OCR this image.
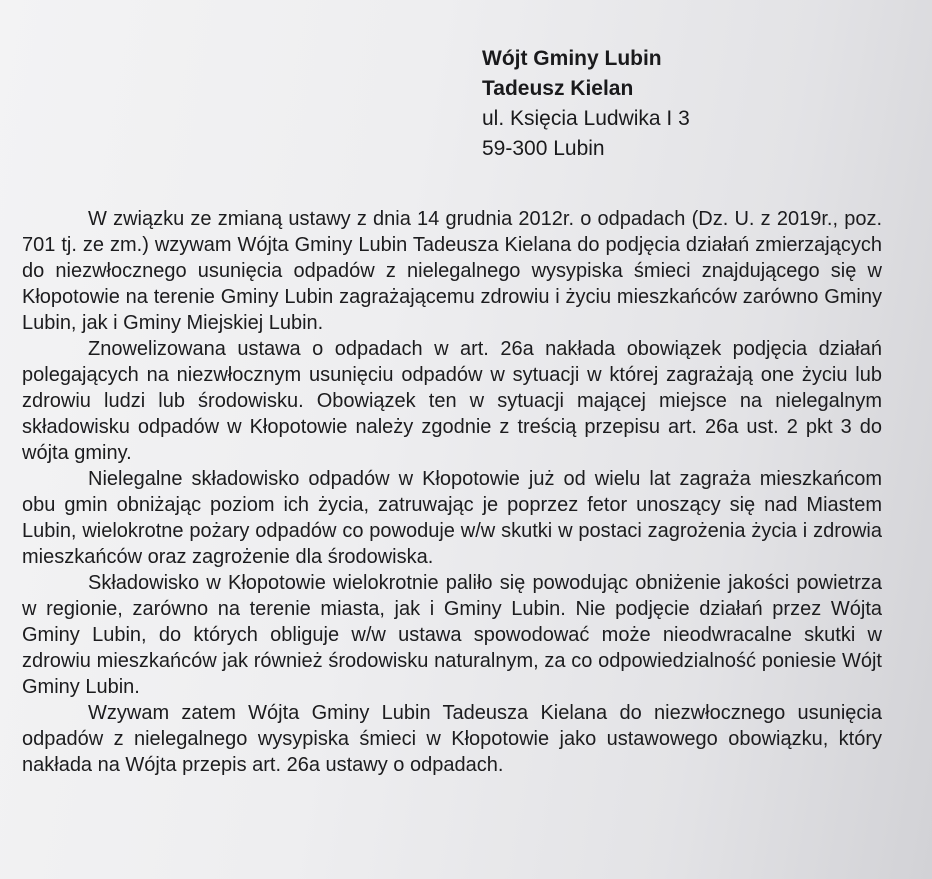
Wójt Gminy Lubin
Tadeusz Kielan
ul. Księcia Ludwika I 3
59-300 Lubin

W związku ze zmianą ustawy z dnia 14 grudnia 2012r. o odpadach (Dz. U. z 2019r., poz. 701 tj. ze zm.) wzywam Wójta Gminy Lubin Tadeusza Kielana do podjęcia działań zmierzających do niezwłocznego usunięcia odpadów z nielegalnego wysypiska śmieci znajdującego się w Kłopotowie na terenie Gminy Lubin zagrażającemu zdrowiu i życiu mieszkańców zarówno Gminy Lubin, jak i Gminy Miejskiej Lubin.

Znowelizowana ustawa o odpadach w art. 26a nakłada obowiązek podjęcia działań polegających na niezwłocznym usunięciu odpadów w sytuacji w której zagrażają one życiu lub zdrowiu ludzi lub środowisku. Obowiązek ten w sytuacji mającej miejsce na nielegalnym składowisku odpadów w Kłopotowie należy zgodnie z treścią przepisu art. 26a ust. 2 pkt 3 do wójta gminy.

Nielegalne składowisko odpadów w Kłopotowie już od wielu lat zagraża mieszkańcom obu gmin obniżając poziom ich życia, zatruwając je poprzez fetor unoszący się nad Miastem Lubin, wielokrotne pożary odpadów co powoduje w/w skutki w postaci zagrożenia życia i zdrowia mieszkańców oraz zagrożenie dla środowiska.

Składowisko w Kłopotowie wielokrotnie paliło się powodując obniżenie jakości powietrza w regionie, zarówno na terenie miasta, jak i Gminy Lubin. Nie podjęcie działań przez Wójta Gminy Lubin, do których obliguje w/w ustawa spowodować może nieodwracalne skutki w zdrowiu mieszkańców jak również środowisku naturalnym, za co odpowiedzialność poniesie Wójt Gminy Lubin.

Wzywam zatem Wójta Gminy Lubin Tadeusza Kielana do niezwłocznego usunięcia odpadów z nielegalnego wysypiska śmieci w Kłopotowie jako ustawowego obowiązku, który nakłada na Wójta przepis art. 26a ustawy o odpadach.
